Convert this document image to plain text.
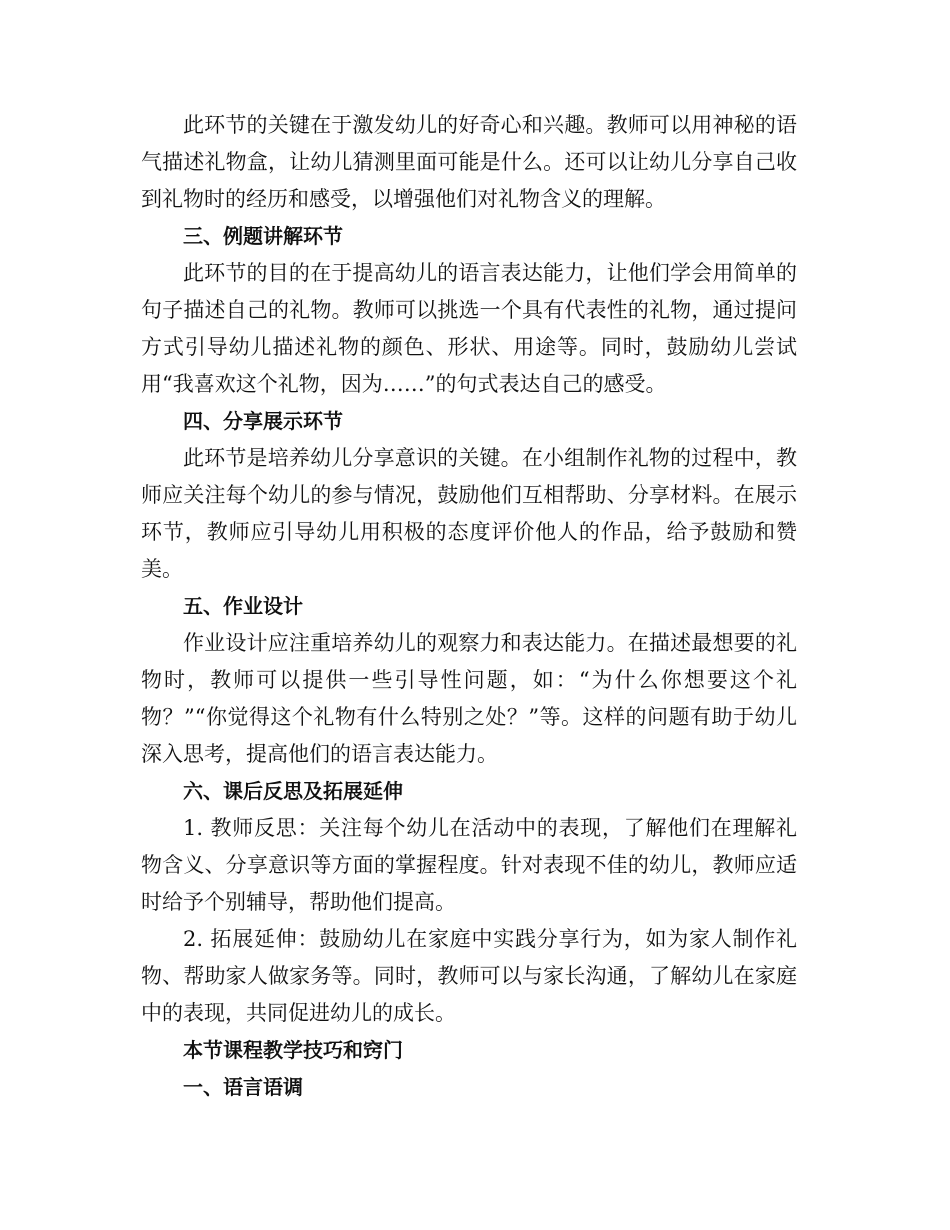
此环节的关键在于激发幼儿的好奇心和兴趣。教师可以用神秘的语气描述礼物盒，让幼儿猜测里面可能是什么。还可以让幼儿分享自己收到礼物时的经历和感受，以增强他们对礼物含义的理解。

三、例题讲解环节

此环节的目的在于提高幼儿的语言表达能力，让他们学会用简单的句子描述自己的礼物。教师可以挑选一个具有代表性的礼物，通过提问方式引导幼儿描述礼物的颜色、形状、用途等。同时，鼓励幼儿尝试用“我喜欢这个礼物，因为……”的句式表达自己的感受。

四、分享展示环节

此环节是培养幼儿分享意识的关键。在小组制作礼物的过程中，教师应关注每个幼儿的参与情况，鼓励他们互相帮助、分享材料。在展示环节，教师应引导幼儿用积极的态度评价他人的作品，给予鼓励和赞美。

五、作业设计

作业设计应注重培养幼儿的观察力和表达能力。在描述最想要的礼物时，教师可以提供一些引导性问题，如：“为什么你想要这个礼物？”“你觉得这个礼物有什么特别之处？”等。这样的问题有助于幼儿深入思考，提高他们的语言表达能力。

六、课后反思及拓展延伸

1. 教师反思：关注每个幼儿在活动中的表现，了解他们在理解礼物含义、分享意识等方面的掌握程度。针对表现不佳的幼儿，教师应适时给予个别辅导，帮助他们提高。

2. 拓展延伸：鼓励幼儿在家庭中实践分享行为，如为家人制作礼物、帮助家人做家务等。同时，教师可以与家长沟通，了解幼儿在家庭中的表现，共同促进幼儿的成长。

本节课程教学技巧和窍门

一、语言语调
